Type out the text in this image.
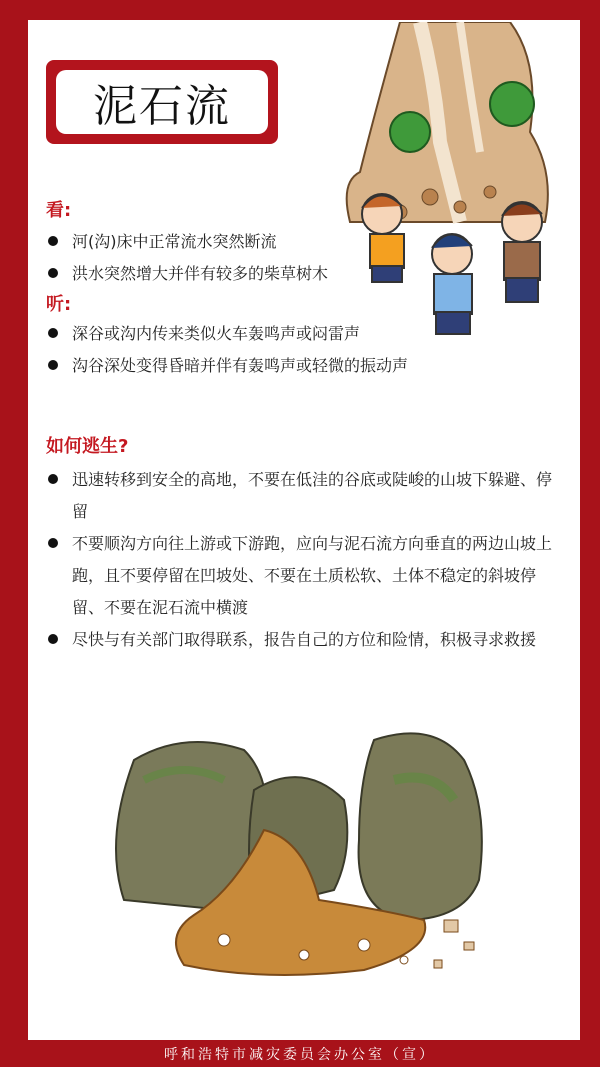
泥石流
看:
河(沟)床中正常流水突然断流
洪水突然增大并伴有较多的柴草树木
听:
深谷或沟内传来类似火车轰鸣声或闷雷声
沟谷深处变得昏暗并伴有轰鸣声或轻微的振动声
如何逃生?
迅速转移到安全的高地，不要在低洼的谷底或陡峻的山坡下躲避、停留
不要顺沟方向往上游或下游跑，应向与泥石流方向垂直的两边山坡上跑，且不要停留在凹坡处、不要在土质松软、土体不稳定的斜坡停留、不要在泥石流中横渡
尽快与有关部门取得联系，报告自己的方位和险情，积极寻求救援
呼和浩特市减灾委员会办公室（宣）
